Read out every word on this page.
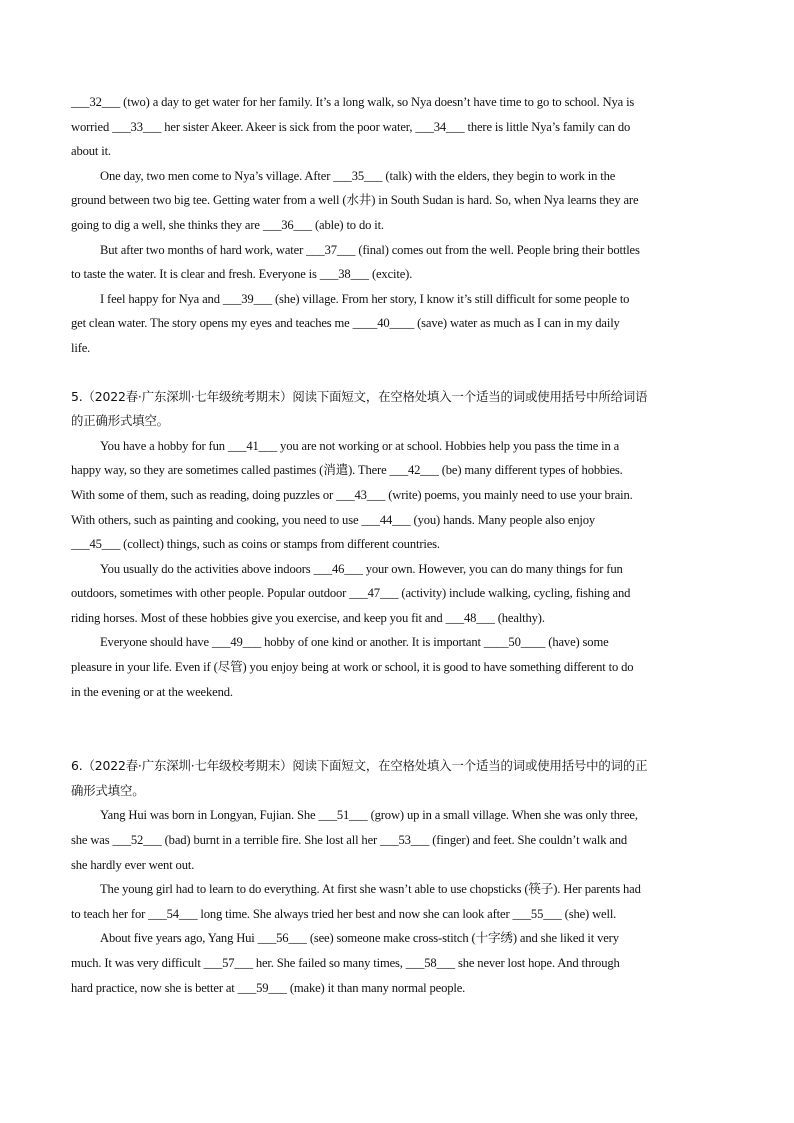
___32___ (two) a day to get water for her family. It’s a long walk, so Nya doesn’t have time to go to school. Nya is
worried ___33___ her sister Akeer. Akeer is sick from the poor water, ___34___ there is little Nya’s family can do
about it.
One day, two men come to Nya’s village. After ___35___ (talk) with the elders, they begin to work in the
ground between two big tee. Getting water from a well (水井) in South Sudan is hard. So, when Nya learns they are
going to dig a well, she thinks they are ___36___ (able) to do it.
But after two months of hard work, water ___37___ (final) comes out from the well. People bring their bottles
to taste the water. It is clear and fresh. Everyone is ___38___ (excite).
I feel happy for Nya and ___39___ (she) village. From her story, I know it’s still difficult for some people to
get clean water. The story opens my eyes and teaches me ____40____ (save) water as much as I can in my daily
life.
5.（2022春·广东深圳·七年级统考期末）阅读下面短文，在空格处填入一个适当的词或使用括号中所给词语
的正确形式填空。
You have a hobby for fun ___41___ you are not working or at school. Hobbies help you pass the time in a
happy way, so they are sometimes called pastimes (消遣). There ___42___ (be) many different types of hobbies.
With some of them, such as reading, doing puzzles or ___43___ (write) poems, you mainly need to use your brain.
With others, such as painting and cooking, you need to use ___44___ (you) hands. Many people also enjoy
___45___ (collect) things, such as coins or stamps from different countries.
You usually do the activities above indoors ___46___ your own. However, you can do many things for fun
outdoors, sometimes with other people. Popular outdoor ___47___ (activity) include walking, cycling, fishing and
riding horses. Most of these hobbies give you exercise, and keep you fit and ___48___ (healthy).
Everyone should have ___49___ hobby of one kind or another. It is important ____50____ (have) some
pleasure in your life. Even if (尽管) you enjoy being at work or school, it is good to have something different to do
in the evening or at the weekend.
6.（2022春·广东深圳·七年级校考期末）阅读下面短文，在空格处填入一个适当的词或使用括号中的词的正
确形式填空。
Yang Hui was born in Longyan, Fujian. She ___51___ (grow) up in a small village. When she was only three,
she was ___52___ (bad) burnt in a terrible fire. She lost all her ___53___ (finger) and feet. She couldn’t walk and
she hardly ever went out.
The young girl had to learn to do everything. At first she wasn’t able to use chopsticks (筷子). Her parents had
to teach her for ___54___ long time. She always tried her best and now she can look after ___55___ (she) well.
About five years ago, Yang Hui ___56___ (see) someone make cross-stitch (十字绣) and she liked it very
much. It was very difficult ___57___ her. She failed so many times, ___58___ she never lost hope. And through
hard practice, now she is better at ___59___ (make) it than many normal people.
